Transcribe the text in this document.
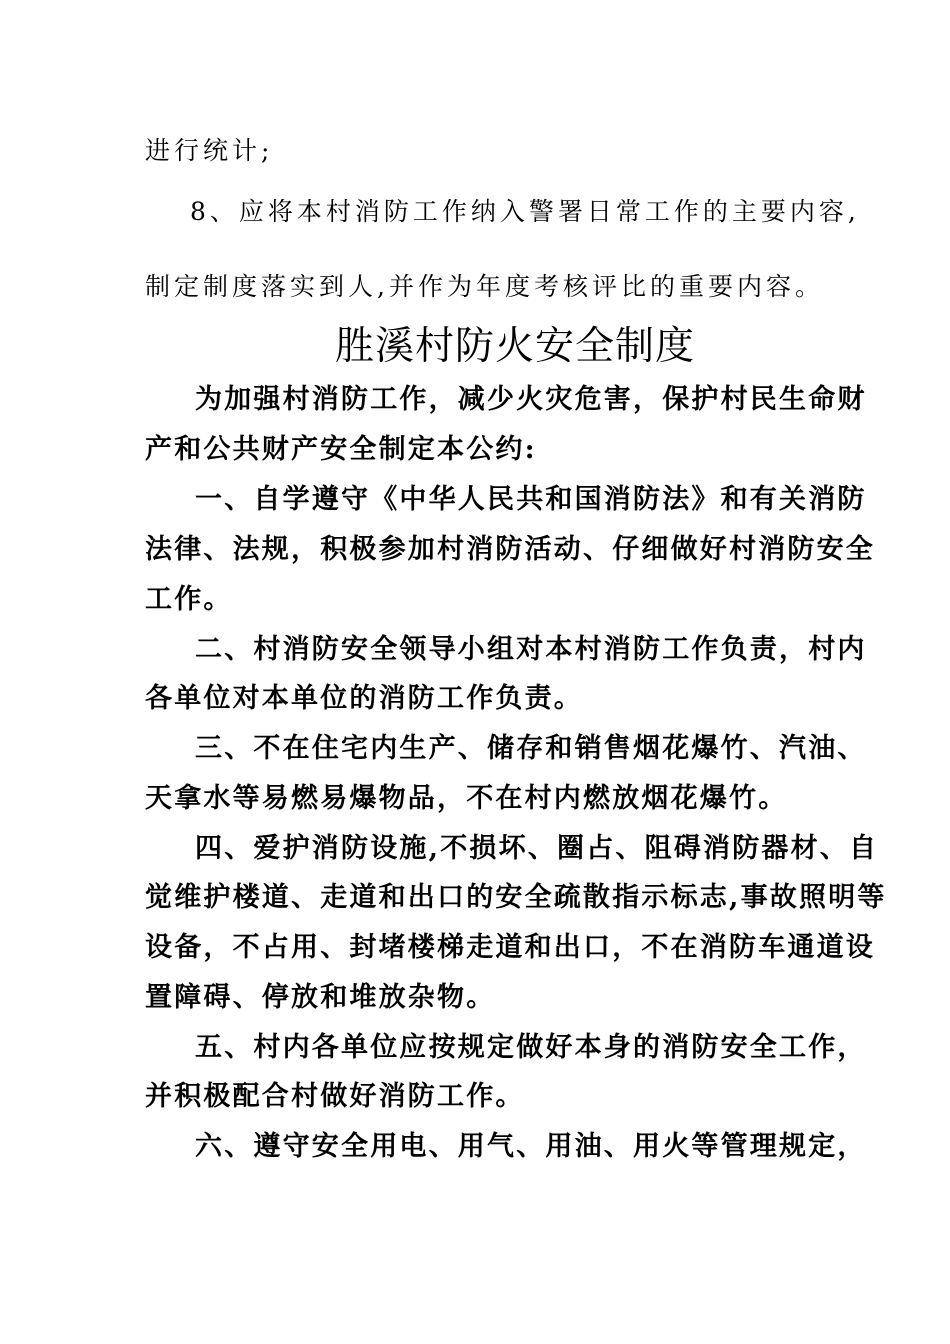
进行统计;
8、应将本村消防工作纳入警署日常工作的主要内容,
制定制度落实到人,并作为年度考核评比的重要内容。
胜溪村防火安全制度
为加强村消防工作，减少火灾危害，保护村民生命财
产和公共财产安全制定本公约:
一、自学遵守《中华人民共和国消防法》和有关消防
法律、法规，积极参加村消防活动、仔细做好村消防安全
工作。
二、村消防安全领导小组对本村消防工作负责，村内
各单位对本单位的消防工作负责。
三、不在住宅内生产、储存和销售烟花爆竹、汽油、
天拿水等易燃易爆物品，不在村内燃放烟花爆竹。
四、爱护消防设施,不损坏、圈占、阻碍消防器材、自
觉维护楼道、走道和出口的安全疏散指示标志,事故照明等
设备，不占用、封堵楼梯走道和出口，不在消防车通道设
置障碍、停放和堆放杂物。
五、村内各单位应按规定做好本身的消防安全工作，
并积极配合村做好消防工作。
六、遵守安全用电、用气、用油、用火等管理规定，
